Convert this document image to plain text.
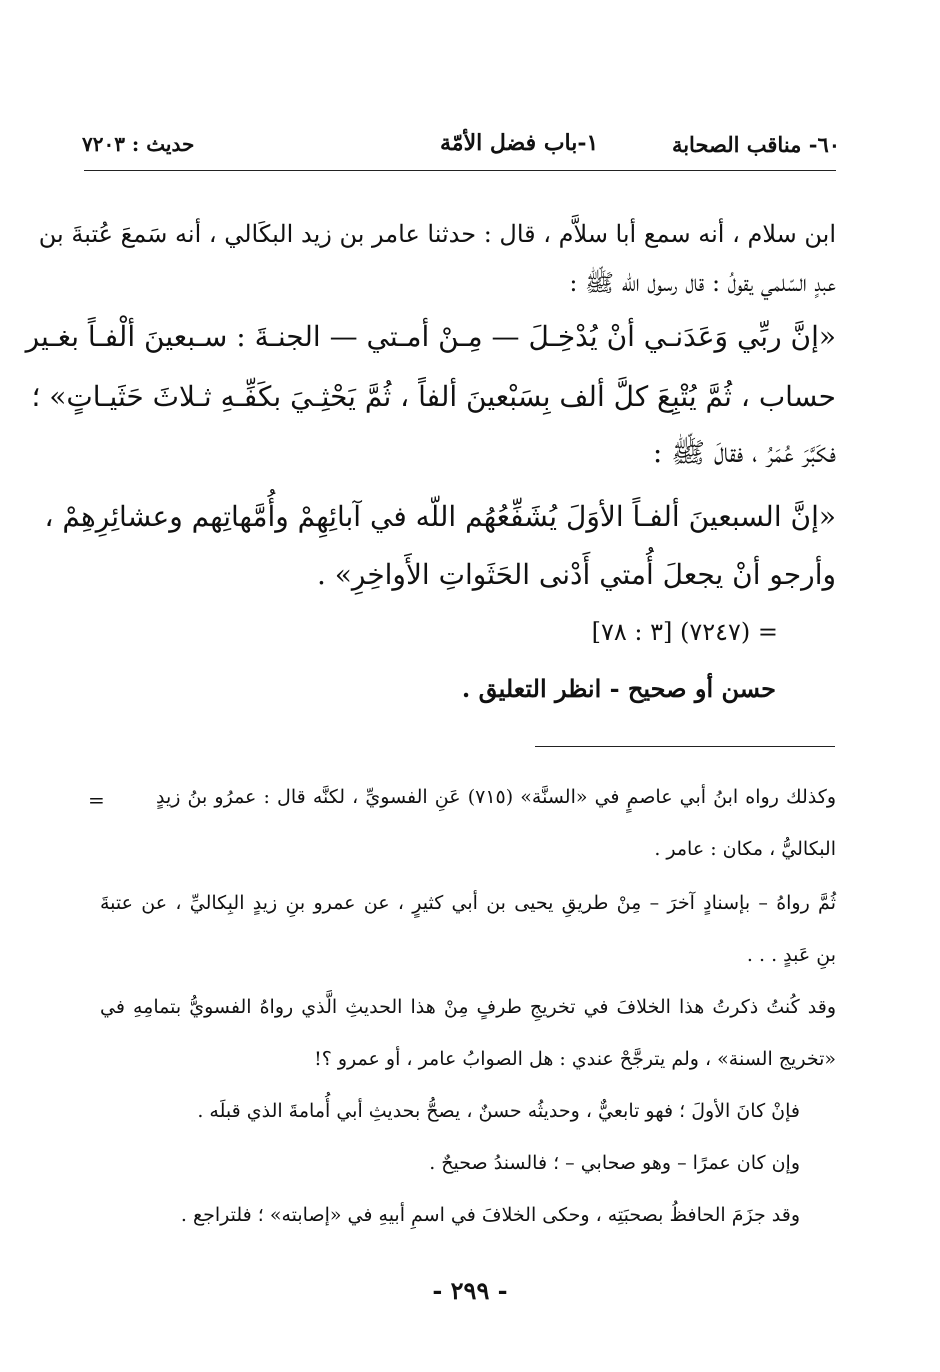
٦٠- مناقب الصحابة
١-باب فضل الأمّة
حديث : ٧٢٠٣
ابن سلام ، أنه سمع أبا سلاَّم ، قال : حدثنا عامر بن زيد البكَالي ، أنه سَمعَ عُتبةَ بن
عبدٍ السّلمي يقولُ : قال رسول اللّه ﷺ :
«إنَّ ربِّي وَعَدَنـي أنْ يُدْخِـلَ — مِـنْ أمـتي — الجنـةَ : سـبعينَ ألْفـاً بغـير
حساب ، ثُمَّ يُتْبِعَ كلَّ ألف بِسَبْعينَ ألفاً ، ثُمَّ يَحْثِـيَ بكَفِّـهِ ثـلاثَ حَثَيـاتٍ» ؛
فكَبَّرَ عُمَرُ ، فقالَ ﷺ :
«إنَّ السبعينَ ألفـاً الأوَلَ يُشَفِّعُهُم اللّه في آبائِهِمْ وأُمَّهاتِهم وعشائِرِهِمْ ،
وأرجو أنْ يجعلَ أُمتي أَدْنى الحَثَواتِ الأَواخِرِ» .
= (٧٢٤٧) [٣ : ٧٨]
حسن أو صحيح - انظر التعليق .
=	وكذلك رواه ابنُ أبي عاصمٍ في «السنَّة» (٧١٥) عَنِ الفسويِّ ، لكنَّه قال : عمرُو بنُ زيدٍ
البكاليُّ ، مكان : عامر .
ثُمَّ رواهُ – بإسنادٍ آخرَ – مِنْ طريقِ يحيى بن أبي كثيرٍ ، عن عمرو بنِ زيدٍ البِكاليِّ ، عن عتبةَ
بنِ عَبدٍ . . .
وقد كُنتُ ذكرتُ هذا الخلافَ في تخريجِ طرفٍ مِنْ هذا الحديثِ الَّذي رواهُ الفسويُّ بتمامِهِ في
«تخريج السنة» ، ولم يترجَّحْ عندي : هل الصوابُ عامر ، أو عمرو ؟!
فإنْ كانَ الأولَ ؛ فهو تابعيٌّ ، وحديثُه حسنٌ ، يصحُّ بحديثِ أبي أُمامةَ الذي قبلَه .
وإن كان عمرًا – وهو صحابي – ؛ فالسندُ صحيحٌ .
وقد جزَمَ الحافظُ بصحبَتِه ، وحكى الخلافَ في اسمِ أبيهِ في «إصابته» ؛ فلتراجع .
- ٢٩٩ -
